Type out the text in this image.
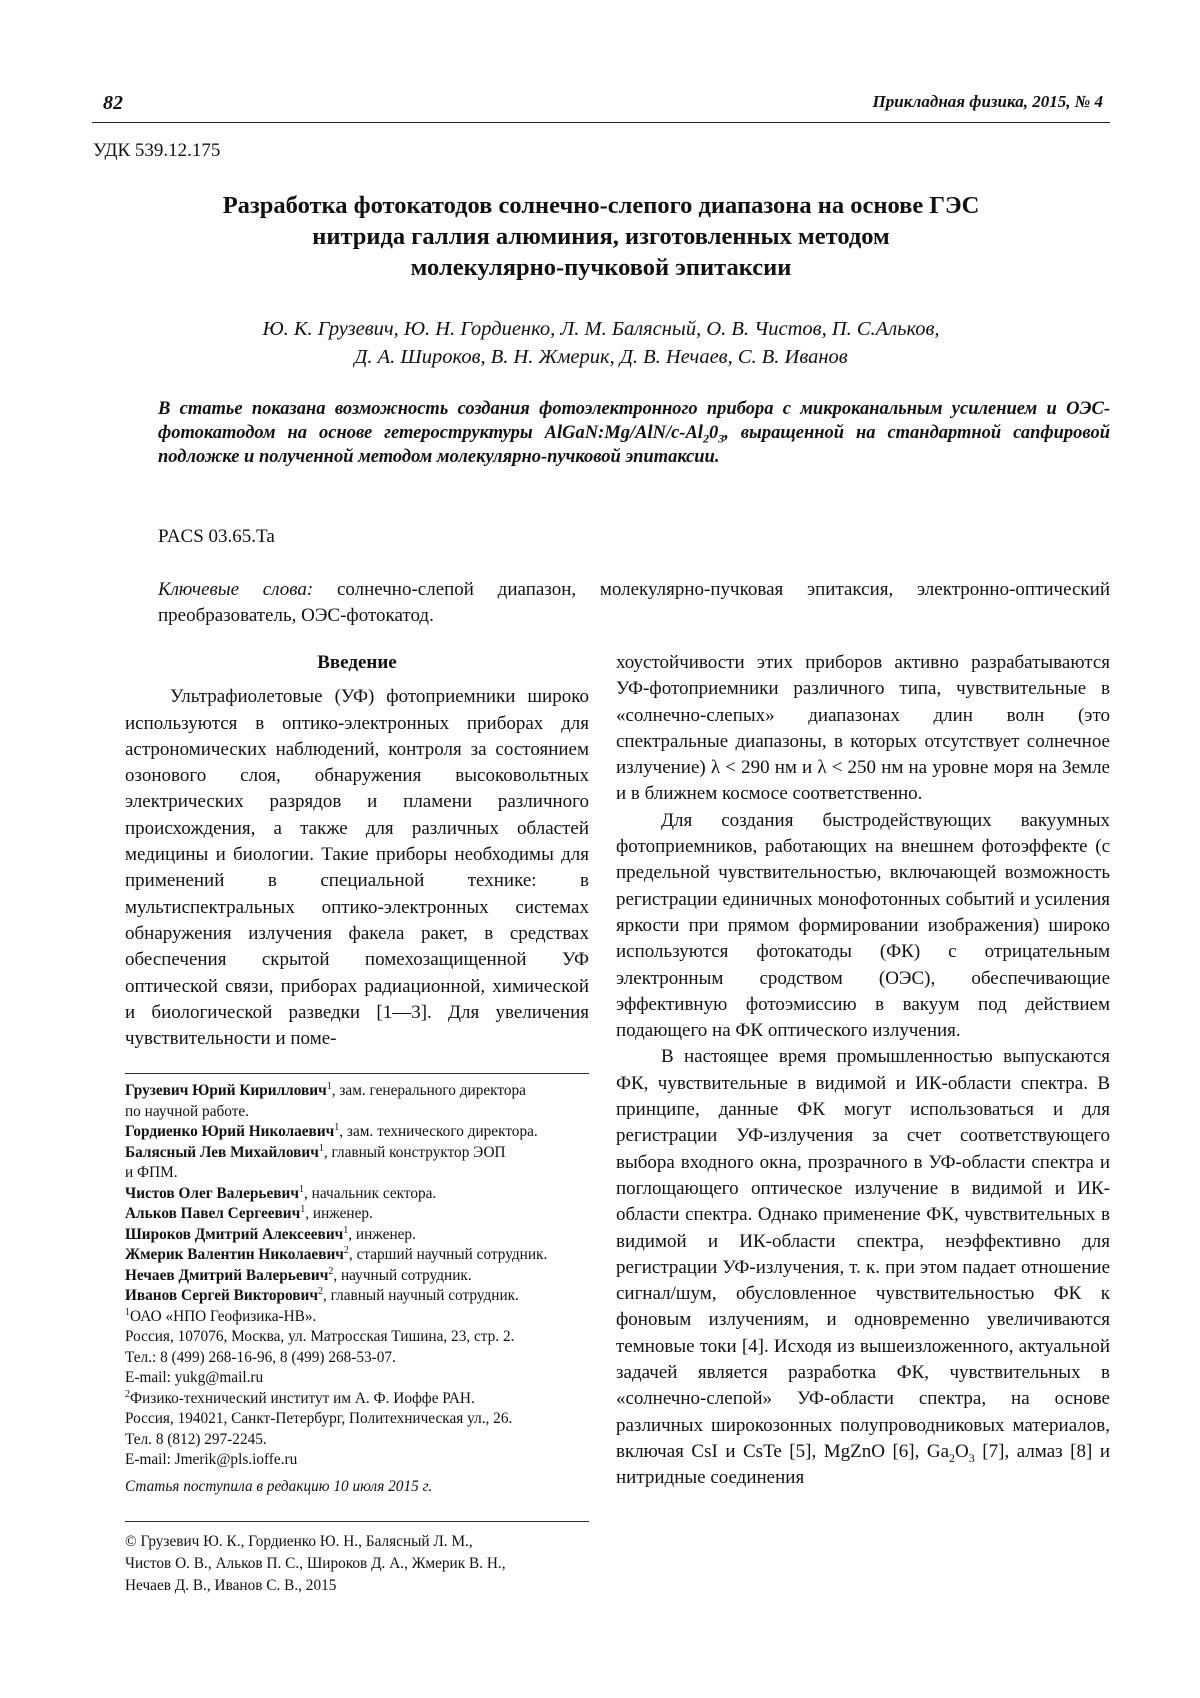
82	Прикладная физика, 2015, № 4
УДК 539.12.175
Разработка фотокатодов солнечно-слепого диапазона на основе ГЭС
нитрида галлия алюминия, изготовленных методом
молекулярно-пучковой эпитаксии
Ю. К. Грузевич, Ю. Н. Гордиенко, Л. М. Балясный, О. В. Чистов, П. С.Альков,
Д. А. Широков, В. Н. Жмерик, Д. В. Нечаев, С. В. Иванов
В статье показана возможность создания фотоэлектронного прибора с микроканальным усилением и ОЭС-фотокатодом на основе гетероструктуры $AlGaN:Mg/AlN/c-Al_20_3$, выращенной на стандартной сапфировой подложке и полученной методом молекулярно-пучковой эпитаксии.
PACS 03.65.Ta
Ключевые слова: солнечно-слепой диапазон, молекулярно-пучковая эпитаксия, электронно-оптический преобразователь, ОЭС-фотокатод.
Введение

Ультрафиолетовые (УФ) фотоприемники широко используются в оптико-электронных приборах для астрономических наблюдений, контроля за состоянием озонового слоя, обнаружения высоковольтных электрических разрядов и пламени различного происхождения, а также для различных областей медицины и биологии. Такие приборы необходимы для применений в специальной технике: в мультиспектральных оптико-электронных системах обнаружения излучения факела ракет, в средствах обеспечения скрытой помехозащищенной УФ оптической связи, приборах радиационной, химической и биологической разведки [1—3]. Для увеличения чувствительности и поме-

Грузевич Юрий Кириллович$^1$, зам. генерального директора
по научной работе.
Гордиенко Юрий Николаевич$^1$, зам. технического директора.
Балясный Лев Михайлович$^1$, главный конструктор ЭОП
и ФПМ.
Чистов Олег Валерьевич$^1$, начальник сектора.
Альков Павел Сергеевич$^1$, инженер.
Широков Дмитрий Алексеевич$^1$, инженер.
Жмерик Валентин Николаевич$^2$, старший научный сотрудник.
Нечаев Дмитрий Валерьевич$^2$, научный сотрудник.
Иванов Сергей Викторович$^2$, главный научный сотрудник.
$^1$ОАО «НПО Геофизика-НВ».
Россия, 107076, Москва, ул. Матросская Тишина, 23, стр. 2.
Тел.: 8 (499) 268-16-96, 8 (499) 268-53-07.
E-mail: yukg@mail.ru
$^2$Физико-технический институт им А. Ф. Иоффе РАН.
Россия, 194021, Санкт-Петербург, Политехническая ул., 26.
Тел. 8 (812) 297-2245.
E-mail: Jmerik@pls.ioffe.ru
Статья поступила в редакцию 10 июля 2015 г.
© Грузевич Ю. К., Гордиенко Ю. Н., Балясный Л. М.,
Чистов О. В., Альков П. С., Широков Д. А., Жмерик В. Н.,
Нечаев Д. В., Иванов С. В., 2015

хоустойчивости этих приборов активно разрабатываются УФ-фотоприемники различного типа, чувствительные в «солнечно-слепых» диапазонах длин волн (это спектральные диапазоны, в которых отсутствует солнечное излучение) λ < 290 нм и λ < 250 нм на уровне моря на Земле и в ближнем космосе соответственно.

Для создания быстродействующих вакуумных фотоприемников, работающих на внешнем фотоэффекте (с предельной чувствительностью, включающей возможность регистрации единичных монофотонных событий и усиления яркости при прямом формировании изображения) широко используются фотокатоды (ФК) с отрицательным электронным сродством (ОЭС), обеспечивающие эффективную фотоэмиссию в вакуум под действием подающего на ФК оптического излучения.

В настоящее время промышленностью выпускаются ФК, чувствительные в видимой и ИК-области спектра. В принципе, данные ФК могут использоваться и для регистрации УФ-излучения за счет соответствующего выбора входного окна, прозрачного в УФ-области спектра и поглощающего оптическое излучение в видимой и ИК-области спектра. Однако применение ФК, чувствительных в видимой и ИК-области спектра, неэффективно для регистрации УФ-излучения, т. к. при этом падает отношение сигнал/шум, обусловленное чувствительностью ФК к фоновым излучениям, и одновременно увеличиваются темновые токи [4]. Исходя из вышеизложенного, актуальной задачей является разработка ФК, чувствительных в «солнечно-слепой» УФ-области спектра, на основе различных широкозонных полупроводниковых материалов, включая CsI и CsTe [5], MgZnO [6], $Ga_2O_3$ [7], алмаз [8] и нитридные соединения
